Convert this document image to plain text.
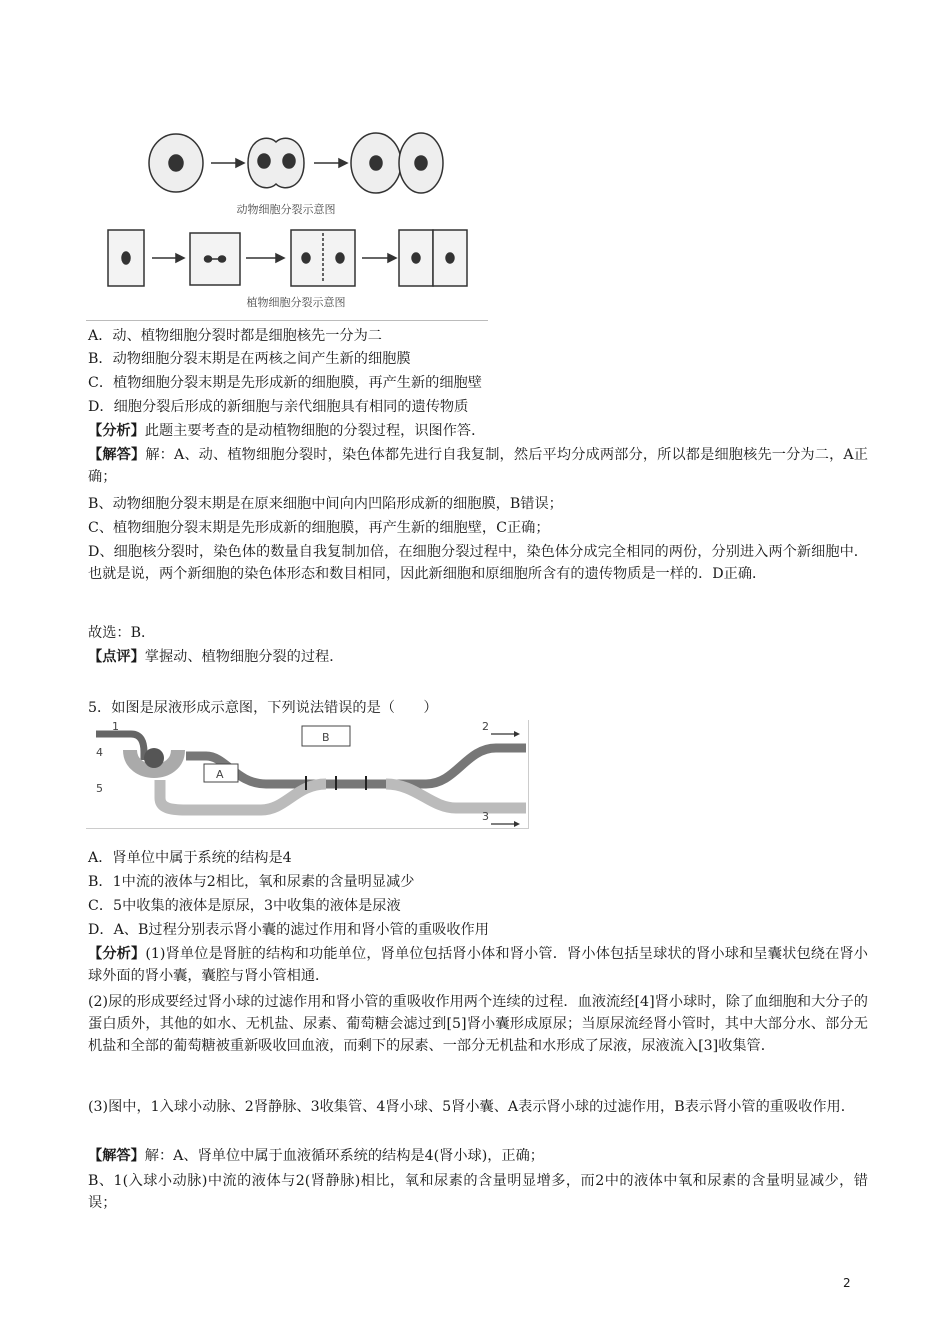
动物细胞分裂示意图
植物细胞分裂示意图
A．动、植物细胞分裂时都是细胞核先一分为二
B．动物细胞分裂末期是在两核之间产生新的细胞膜
C．植物细胞分裂末期是先形成新的细胞膜，再产生新的细胞壁
D．细胞分裂后形成的新细胞与亲代细胞具有相同的遗传物质
【分析】此题主要考查的是动植物细胞的分裂过程，识图作答．
【解答】解：A、动、植物细胞分裂时，染色体都先进行自我复制，然后平均分成两部分，所以都是细胞核先一分为二，A正确；
B、动物细胞分裂末期是在原来细胞中间向内凹陷形成新的细胞膜，B错误；
C、植物细胞分裂末期是先形成新的细胞膜，再产生新的细胞壁，C正确；
D、细胞核分裂时，染色体的数量自我复制加倍，在细胞分裂过程中，染色体分成完全相同的两份，分别进入两个新细胞中．也就是说，两个新细胞的染色体形态和数目相同，因此新细胞和原细胞所含有的遗传物质是一样的．D正确．
故选：B．
【点评】掌握动、植物细胞分裂的过程．
5．如图是尿液形成示意图，下列说法错误的是（　　）
1	2
3
4
5
A
B
A．肾单位中属于系统的结构是4
B．1中流的液体与2相比，氧和尿素的含量明显减少
C．5中收集的液体是原尿，3中收集的液体是尿液
D．A、B过程分别表示肾小囊的滤过作用和肾小管的重吸收作用
【分析】(1)肾单位是肾脏的结构和功能单位，肾单位包括肾小体和肾小管．肾小体包括呈球状的肾小球和呈囊状包绕在肾小球外面的肾小囊，囊腔与肾小管相通．
(2)尿的形成要经过肾小球的过滤作用和肾小管的重吸收作用两个连续的过程．血液流经[4]肾小球时，除了血细胞和大分子的蛋白质外，其他的如水、无机盐、尿素、葡萄糖会滤过到[5]肾小囊形成原尿；当原尿流经肾小管时，其中大部分水、部分无机盐和全部的葡萄糖被重新吸收回血液，而剩下的尿素、一部分无机盐和水形成了尿液，尿液流入[3]收集管．
(3)图中，1入球小动脉、2肾静脉、3收集管、4肾小球、5肾小囊、A表示肾小球的过滤作用，B表示肾小管的重吸收作用．
【解答】解：A、肾单位中属于血液循环系统的结构是4(肾小球)，正确；
B、1(入球小动脉)中流的液体与2(肾静脉)相比，氧和尿素的含量明显增多，而2中的液体中氧和尿素的含量明显减少，错误；
2
